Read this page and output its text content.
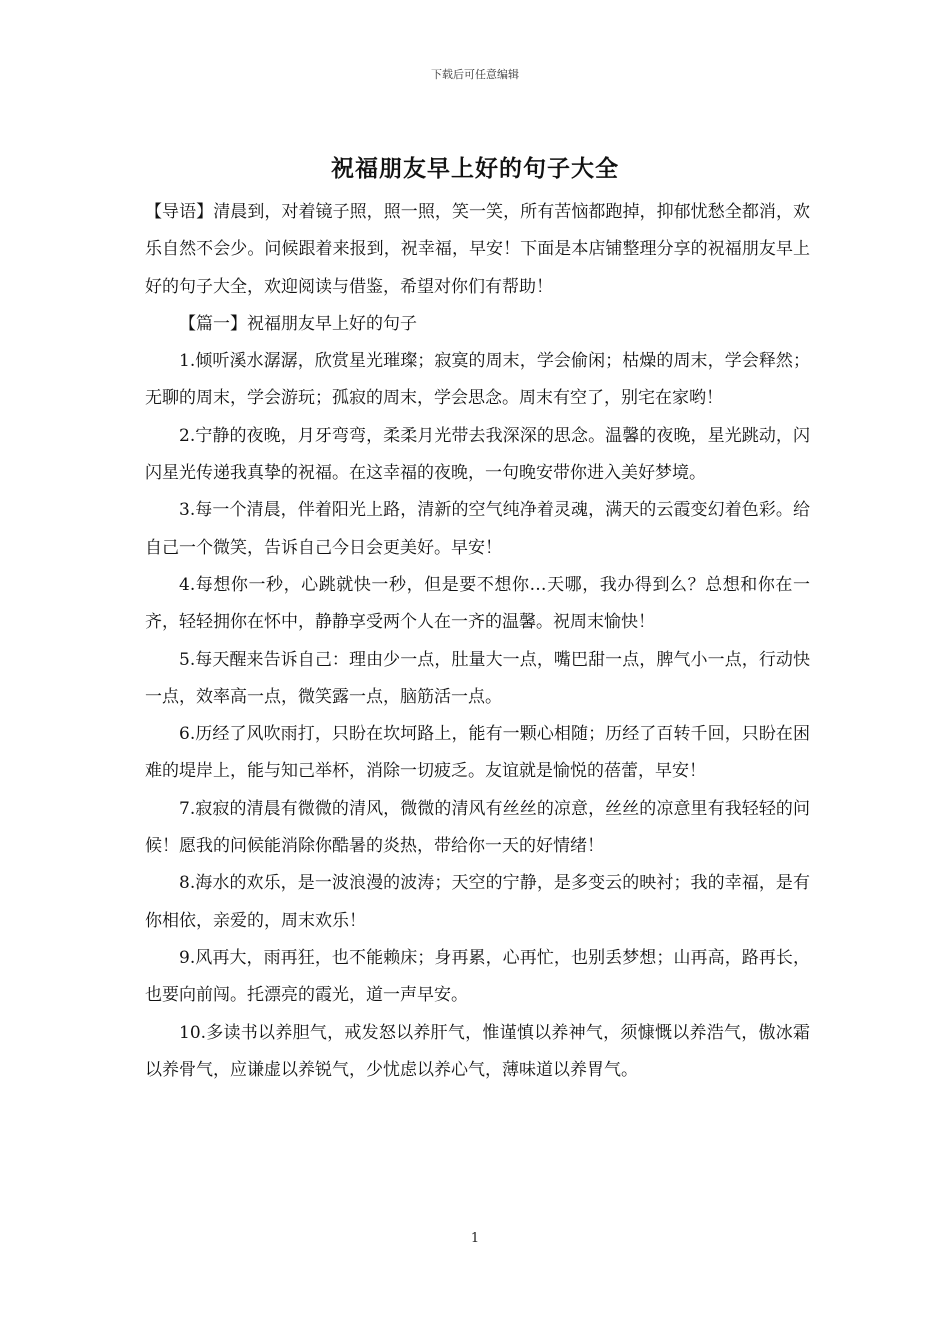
下载后可任意编辑
祝福朋友早上好的句子大全

【导语】清晨到，对着镜子照，照一照，笑一笑，所有苦恼都跑掉，抑郁忧愁全都消，欢乐自然不会少。问候跟着来报到，祝幸福，早安！下面是本店铺整理分享的祝福朋友早上好的句子大全，欢迎阅读与借鉴，希望对你们有帮助！

【篇一】祝福朋友早上好的句子

1.倾听溪水潺潺，欣赏星光璀璨；寂寞的周末，学会偷闲；枯燥的周末，学会释然；无聊的周末，学会游玩；孤寂的周末，学会思念。周末有空了，别宅在家哟！

2.宁静的夜晚，月牙弯弯，柔柔月光带去我深深的思念。温馨的夜晚，星光跳动，闪闪星光传递我真挚的祝福。在这幸福的夜晚，一句晚安带你进入美好梦境。

3.每一个清晨，伴着阳光上路，清新的空气纯净着灵魂，满天的云霞变幻着色彩。给自己一个微笑，告诉自己今日会更美好。早安！

4.每想你一秒，心跳就快一秒，但是要不想你…天哪，我办得到么？总想和你在一齐，轻轻拥你在怀中，静静享受两个人在一齐的温馨。祝周末愉快！

5.每天醒来告诉自己：理由少一点，肚量大一点，嘴巴甜一点，脾气小一点，行动快一点，效率高一点，微笑露一点，脑筋活一点。

6.历经了风吹雨打，只盼在坎坷路上，能有一颗心相随；历经了百转千回，只盼在困难的堤岸上，能与知己举杯，消除一切疲乏。友谊就是愉悦的蓓蕾，早安！

7.寂寂的清晨有微微的清风，微微的清风有丝丝的凉意，丝丝的凉意里有我轻轻的问候！愿我的问候能消除你酷暑的炎热，带给你一天的好情绪！

8.海水的欢乐，是一波浪漫的波涛；天空的宁静，是多变云的映衬；我的幸福，是有你相依，亲爱的，周末欢乐！

9.风再大，雨再狂，也不能赖床；身再累，心再忙，也别丢梦想；山再高，路再长，也要向前闯。托漂亮的霞光，道一声早安。

10.多读书以养胆气，戒发怒以养肝气，惟谨慎以养神气，须慷慨以养浩气，傲冰霜以养骨气，应谦虚以养锐气，少忧虑以养心气，薄味道以养胃气。

1
